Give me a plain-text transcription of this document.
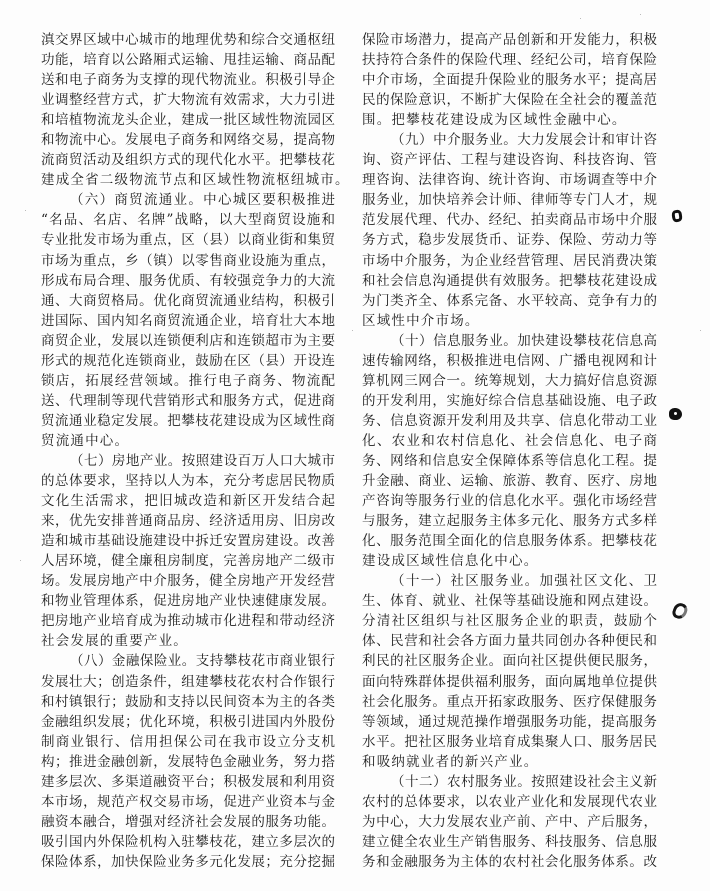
滇交界区域中心城市的地理优势和综合交通枢纽
功能，培育以公路厢式运输、甩挂运输、商品配
送和电子商务为支撑的现代物流业。积极引导企
业调整经营方式，扩大物流有效需求，大力引进
和培植物流龙头企业，建成一批区域性物流园区
和物流中心。发展电子商务和网络交易，提高物
流商贸活动及组织方式的现代化水平。把攀枝花
建成全省二级物流节点和区域性物流枢纽城市。
（六）商贸流通业。中心城区要积极推进
“名品、名店、名牌”战略，以大型商贸设施和
专业批发市场为重点，区（县）以商业街和集贸
市场为重点，乡（镇）以零售商业设施为重点，
形成布局合理、服务优质、有较强竞争力的大流
通、大商贸格局。优化商贸流通业结构，积极引
进国际、国内知名商贸流通企业，培育壮大本地
商贸企业，发展以连锁便利店和连锁超市为主要
形式的规范化连锁商业，鼓励在区（县）开设连
锁店，拓展经营领域。推行电子商务、物流配
送、代理制等现代营销形式和服务方式，促进商
贸流通业稳定发展。把攀枝花建设成为区域性商
贸流通中心。
（七）房地产业。按照建设百万人口大城市
的总体要求，坚持以人为本，充分考虑居民物质
文化生活需求，把旧城改造和新区开发结合起
来，优先安排普通商品房、经济适用房、旧房改
造和城市基础设施建设中拆迁安置房建设。改善
人居环境，健全廉租房制度，完善房地产二级市
场。发展房地产中介服务，健全房地产开发经营
和物业管理体系，促进房地产业快速健康发展。
把房地产业培育成为推动城市化进程和带动经济
社会发展的重要产业。
（八）金融保险业。支持攀枝花市商业银行
发展壮大；创造条件，组建攀枝花农村合作银行
和村镇银行；鼓励和支持以民间资本为主的各类
金融组织发展；优化环境，积极引进国内外股份
制商业银行、信用担保公司在我市设立分支机
构；推进金融创新，发展特色金融业务，努力搭
建多层次、多渠道融资平台；积极发展和利用资
本市场，规范产权交易市场，促进产业资本与金
融资本融合，增强对经济社会发展的服务功能。
吸引国内外保险机构入驻攀枝花，建立多层次的
保险体系，加快保险业务多元化发展；充分挖掘
保险市场潜力，提高产品创新和开发能力，积极
扶持符合条件的保险代理、经纪公司，培育保险
中介市场，全面提升保险业的服务水平；提高居
民的保险意识，不断扩大保险在全社会的覆盖范
围。把攀枝花建设成为区域性金融中心。
（九）中介服务业。大力发展会计和审计咨
询、资产评估、工程与建设咨询、科技咨询、管
理咨询、法律咨询、统计咨询、市场调查等中介
服务业，加快培养会计师、律师等专门人才，规
范发展代理、代办、经纪、拍卖商品市场中介服
务方式，稳步发展货币、证券、保险、劳动力等
市场中介服务，为企业经营管理、居民消费决策
和社会信息沟通提供有效服务。把攀枝花建设成
为门类齐全、体系完备、水平较高、竞争有力的
区域性中介市场。
（十）信息服务业。加快建设攀枝花信息高
速传输网络，积极推进电信网、广播电视网和计
算机网三网合一。统筹规划，大力搞好信息资源
的开发利用，实施好综合信息基础设施、电子政
务、信息资源开发利用及共享、信息化带动工业
化、农业和农村信息化、社会信息化、电子商
务、网络和信息安全保障体系等信息化工程。提
升金融、商业、运输、旅游、教育、医疗、房地
产咨询等服务行业的信息化水平。强化市场经营
与服务，建立起服务主体多元化、服务方式多样
化、服务范围全面化的信息服务体系。把攀枝花
建设成区域性信息化中心。
（十一）社区服务业。加强社区文化、卫
生、体育、就业、社保等基础设施和网点建设。
分清社区组织与社区服务企业的职责，鼓励个
体、民营和社会各方面力量共同创办各种便民和
利民的社区服务企业。面向社区提供便民服务，
面向特殊群体提供福利服务，面向属地单位提供
社会化服务。重点开拓家政服务、医疗保健服务
等领域，通过规范操作增强服务功能，提高服务
水平。把社区服务业培育成集聚人口、服务居民
和吸纳就业者的新兴产业。
（十二）农村服务业。按照建设社会主义新
农村的总体要求，以农业产业化和发展现代农业
为中心，大力发展农业产前、产中、产后服务，
建立健全农业生产销售服务、科技服务、信息服
务和金融服务为主体的农村社会化服务体系。改
